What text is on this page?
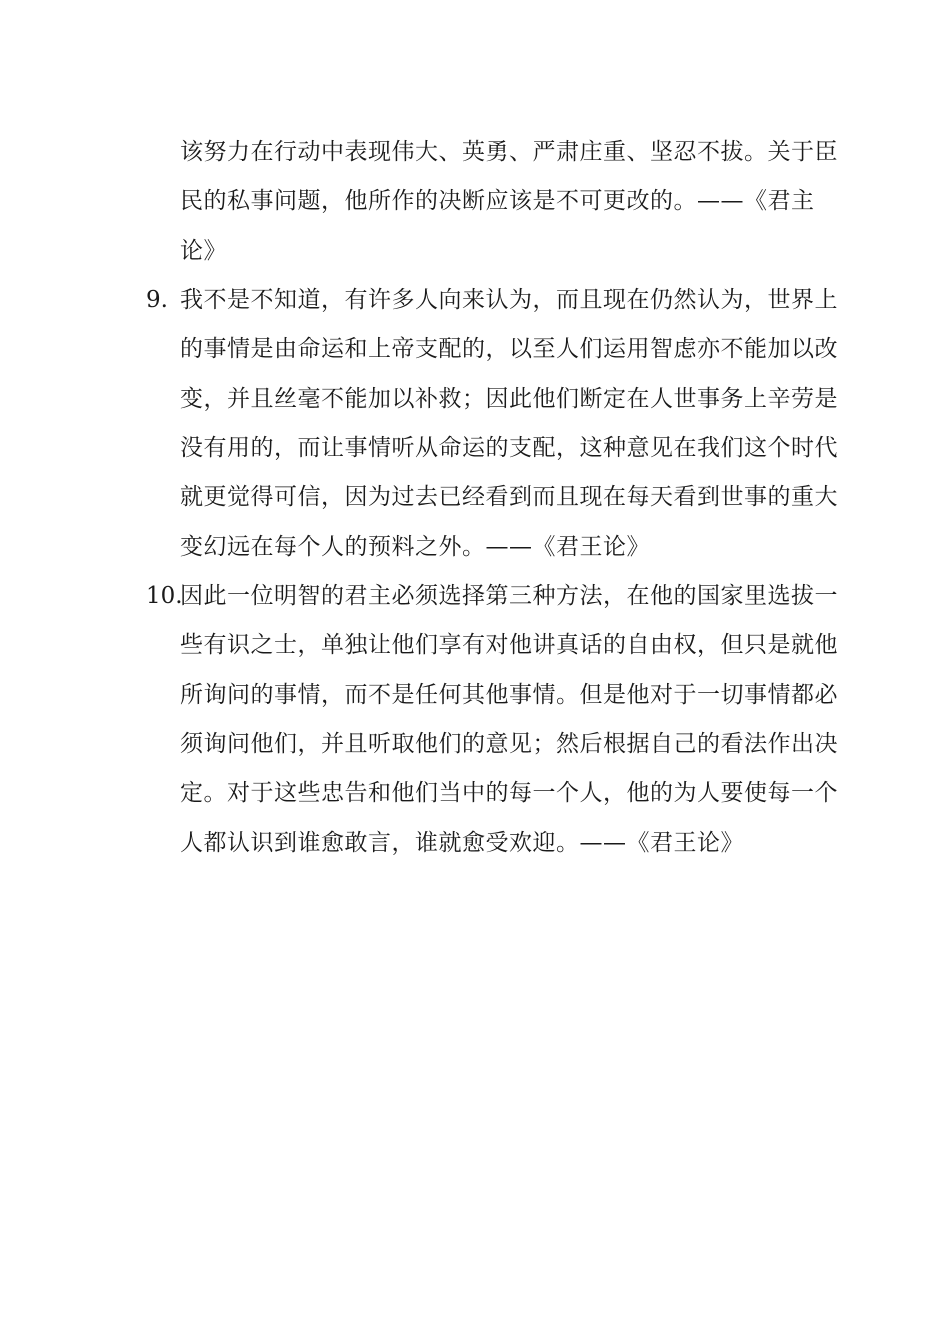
该努力在行动中表现伟大、英勇、严肃庄重、坚忍不拔。关于臣
民的私事问题，他所作的决断应该是不可更改的。——《君主
论》
9. 我不是不知道，有许多人向来认为，而且现在仍然认为，世界上
的事情是由命运和上帝支配的，以至人们运用智虑亦不能加以改
变，并且丝毫不能加以补救；因此他们断定在人世事务上辛劳是
没有用的，而让事情听从命运的支配，这种意见在我们这个时代
就更觉得可信，因为过去已经看到而且现在每天看到世事的重大
变幻远在每个人的预料之外。——《君王论》
10.
因此一位明智的君主必须选择第三种方法，在他的国家里选拔一
些有识之士，单独让他们享有对他讲真话的自由权，但只是就他
所询问的事情，而不是任何其他事情。但是他对于一切事情都必
须询问他们，并且听取他们的意见；然后根据自己的看法作出决
定。对于这些忠告和他们当中的每一个人，他的为人要使每一个
人都认识到谁愈敢言，谁就愈受欢迎。——《君王论》
